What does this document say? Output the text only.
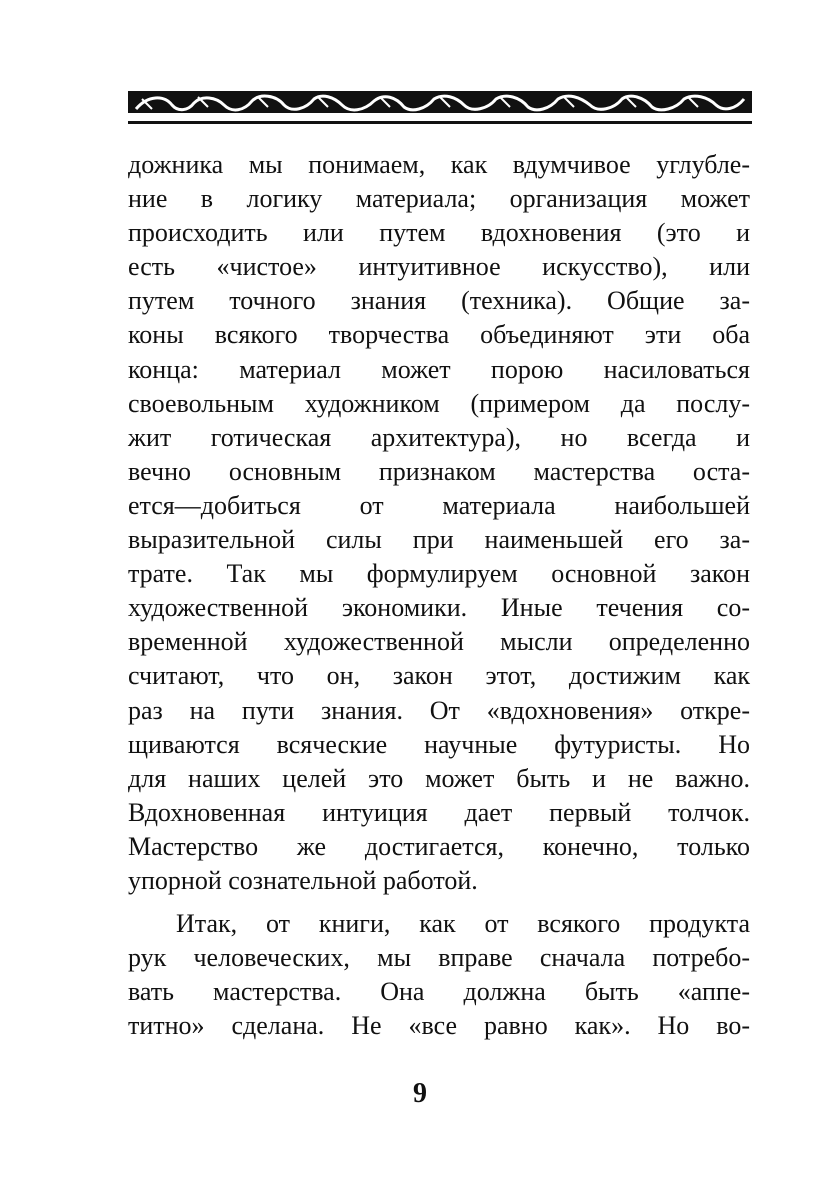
дожника мы понимаем, как вдумчивое углубле-
ние в логику материала; организация может
происходить или путем вдохновения (это и
есть «чистое» интуитивное искусство), или
путем точного знания (техника). Общие за-
коны всякого творчества объединяют эти оба
конца: материал может порою насиловаться
своевольным художником (примером да послу-
жит готическая архитектура), но всегда и
вечно основным признаком мастерства оста-
ется—добиться от материала наибольшей
выразительной силы при наименьшей его за-
трате. Так мы формулируем основной закон
художественной экономики. Иные течения со-
временной художественной мысли определенно
считают, что он, закон этот, достижим как
раз на пути знания. От «вдохновения» откре-
щиваются всяческие научные футуристы. Но
для наших целей это может быть и не важно.
Вдохновенная интуиция дает первый толчок.
Мастерство же достигается, конечно, только
упорной сознательной работой.
Итак, от книги, как от всякого продукта
рук человеческих, мы вправе сначала потребо-
вать мастерства. Она должна быть «аппе-
титно» сделана. Не «все равно как». Но во-
9
